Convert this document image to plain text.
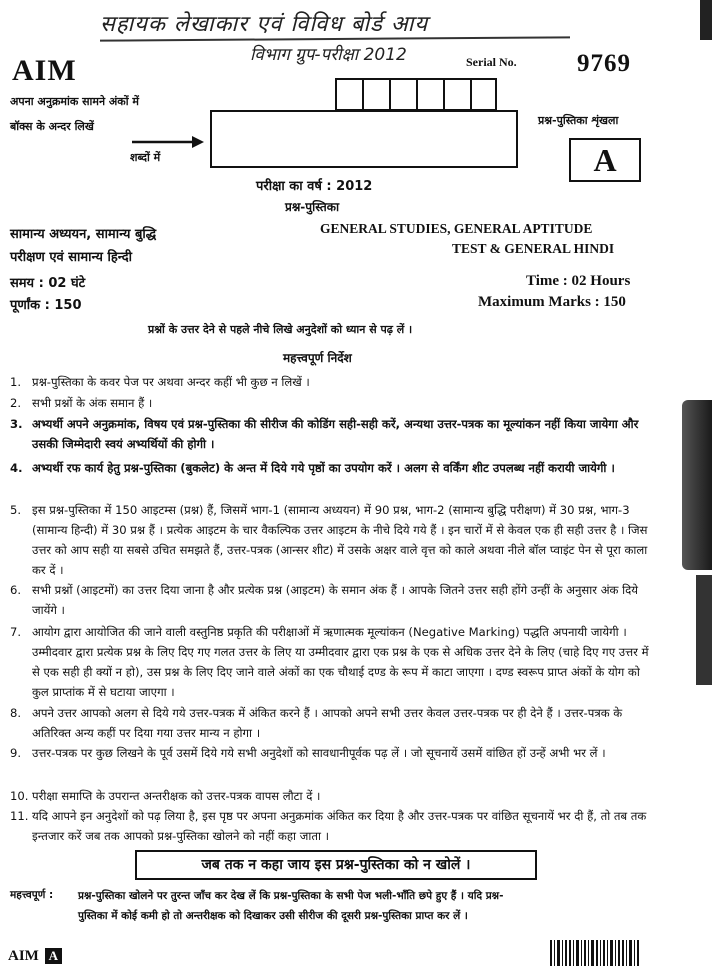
सहायक लेखाकार एवं विविध बोर्ड आय
विभाग ग्रुप-परीक्षा 2012
AIM	Serial No. 9769
अपना अनुक्रमांक सामने अंकों में
बॉक्स के अन्दर लिखें
शब्दों में
प्रश्न-पुस्तिका शृंखला
A
परीक्षा का वर्ष : 2012
प्रश्न-पुस्तिका
सामान्य अध्ययन, सामान्य बुद्धि
परीक्षण एवं सामान्य हिन्दी
GENERAL STUDIES, GENERAL APTITUDE
TEST & GENERAL HINDI
समय : 02 घंटे
पूर्णांक : 150
Time : 02 Hours
Maximum Marks : 150
प्रश्नों के उत्तर देने से पहले नीचे लिखे अनुदेशों को ध्यान से पढ़ लें ।
महत्त्वपूर्ण निर्देश
1. प्रश्न-पुस्तिका के कवर पेज पर अथवा अन्दर कहीं भी कुछ न लिखें ।
2. सभी प्रश्नों के अंक समान हैं ।
3. अभ्यर्थी अपने अनुक्रमांक, विषय एवं प्रश्न-पुस्तिका की सीरीज की कोडिंग सही-सही करें, अन्यथा उत्तर-पत्रक का मूल्यांकन नहीं किया जायेगा और उसकी जिम्मेदारी स्वयं अभ्यर्थियों की होगी ।
4. अभ्यर्थी रफ कार्य हेतु प्रश्न-पुस्तिका (बुकलेट) के अन्त में दिये गये पृष्ठों का उपयोग करें । अलग से वर्किंग शीट उपलब्ध नहीं करायी जायेगी ।
5. इस प्रश्न-पुस्तिका में 150 आइटम्स (प्रश्न) हैं, जिसमें भाग-1 (सामान्य अध्ययन) में 90 प्रश्न, भाग-2 (सामान्य बुद्धि परीक्षण) में 30 प्रश्न, भाग-3 (सामान्य हिन्दी) में 30 प्रश्न हैं । प्रत्येक आइटम के चार वैकल्पिक उत्तर आइटम के नीचे दिये गये हैं । इन चारों में से केवल एक ही सही उत्तर है । जिस उत्तर को आप सही या सबसे उचित समझते हैं, उत्तर-पत्रक (आन्सर शीट) में उसके अक्षर वाले वृत्त को काले अथवा नीले बॉल प्वाइंट पेन से पूरा काला कर दें ।
6. सभी प्रश्नों (आइटमों) का उत्तर दिया जाना है और प्रत्येक प्रश्न (आइटम) के समान अंक हैं । आपके जितने उत्तर सही होंगे उन्हीं के अनुसार अंक दिये जायेंगे ।
7. आयोग द्वारा आयोजित की जाने वाली वस्तुनिष्ठ प्रकृति की परीक्षाओं में ऋणात्मक मूल्यांकन (Negative Marking) पद्धति अपनायी जायेगी । उम्मीदवार द्वारा प्रत्येक प्रश्न के लिए दिए गए गलत उत्तर के लिए या उम्मीदवार द्वारा एक प्रश्न के एक से अधिक उत्तर देने के लिए (चाहे दिए गए उत्तर में से एक सही ही क्यों न हो), उस प्रश्न के लिए दिए जाने वाले अंकों का एक चौथाई दण्ड के रूप में काटा जाएगा । दण्ड स्वरूप प्राप्त अंकों के योग को कुल प्राप्तांक में से घटाया जाएगा ।
8. अपने उत्तर आपको अलग से दिये गये उत्तर-पत्रक में अंकित करने हैं । आपको अपने सभी उत्तर केवल उत्तर-पत्रक पर ही देने हैं । उत्तर-पत्रक के अतिरिक्त अन्य कहीं पर दिया गया उत्तर मान्य न होगा ।
9. उत्तर-पत्रक पर कुछ लिखने के पूर्व उसमें दिये गये सभी अनुदेशों को सावधानीपूर्वक पढ़ लें । जो सूचनायें उसमें वांछित हों उन्हें अभी भर लें ।
10. परीक्षा समाप्ति के उपरान्त अन्तरीक्षक को उत्तर-पत्रक वापस लौटा दें ।
11. यदि आपने इन अनुदेशों को पढ़ लिया है, इस पृष्ठ पर अपना अनुक्रमांक अंकित कर दिया है और उत्तर-पत्रक पर वांछित सूचनायें भर दी हैं, तो तब तक इन्तजार करें जब तक आपको प्रश्न-पुस्तिका खोलने को नहीं कहा जाता ।
जब तक न कहा जाय इस प्रश्न-पुस्तिका को न खोलें ।
महत्त्वपूर्ण : प्रश्न-पुस्तिका खोलने पर तुरन्त जाँच कर देख लें कि प्रश्न-पुस्तिका के सभी पेज भली-भाँति छपे हुए हैं । यदि प्रश्न-पुस्तिका में कोई कमी हो तो अन्तरीक्षक को दिखाकर उसी सीरीज की दूसरी प्रश्न-पुस्तिका प्राप्त कर लें ।
AIM A
